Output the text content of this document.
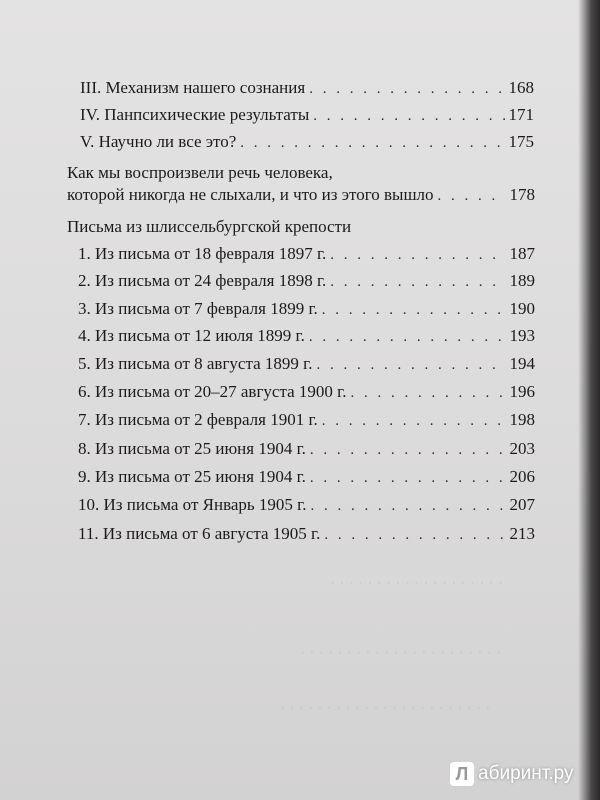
· · · · · · · · · · · · · · · · · · ·
· · · · · · · · · · · · · · · · · · · · · ·
· · · · · · · · · · · · · · · · · · · · · · ·
III. Механизм нашего сознания . . .	168
IV. Панпсихические результаты . . .	171
V. Научно ли все это? . . .	175
Как мы воспроизвели речь человека,
которой никогда не слыхали, и что из этого вышло . . .	178
Письма из шлиссельбургской крепости
1. Из письма от 18 февраля 1897 г. . . .	187
2. Из письма от 24 февраля 1898 г. . . .	189
3. Из письма от 7 февраля 1899 г. . . .	190
4. Из письма от 12 июля 1899 г. . . .	193
5. Из письма от 8 августа 1899 г. . . .	194
6. Из письма от 20–27 августа 1900 г. . . .	196
7. Из письма от 2 февраля 1901 г. . . .	198
8. Из письма от 25 июня 1904 г. . . .	203
9. Из письма от 25 июня 1904 г. . . .	206
10. Из письма от Январь 1905 г. . . .	207
11. Из письма от 6 августа 1905 г. . . .	213
Л абиринт.ру
